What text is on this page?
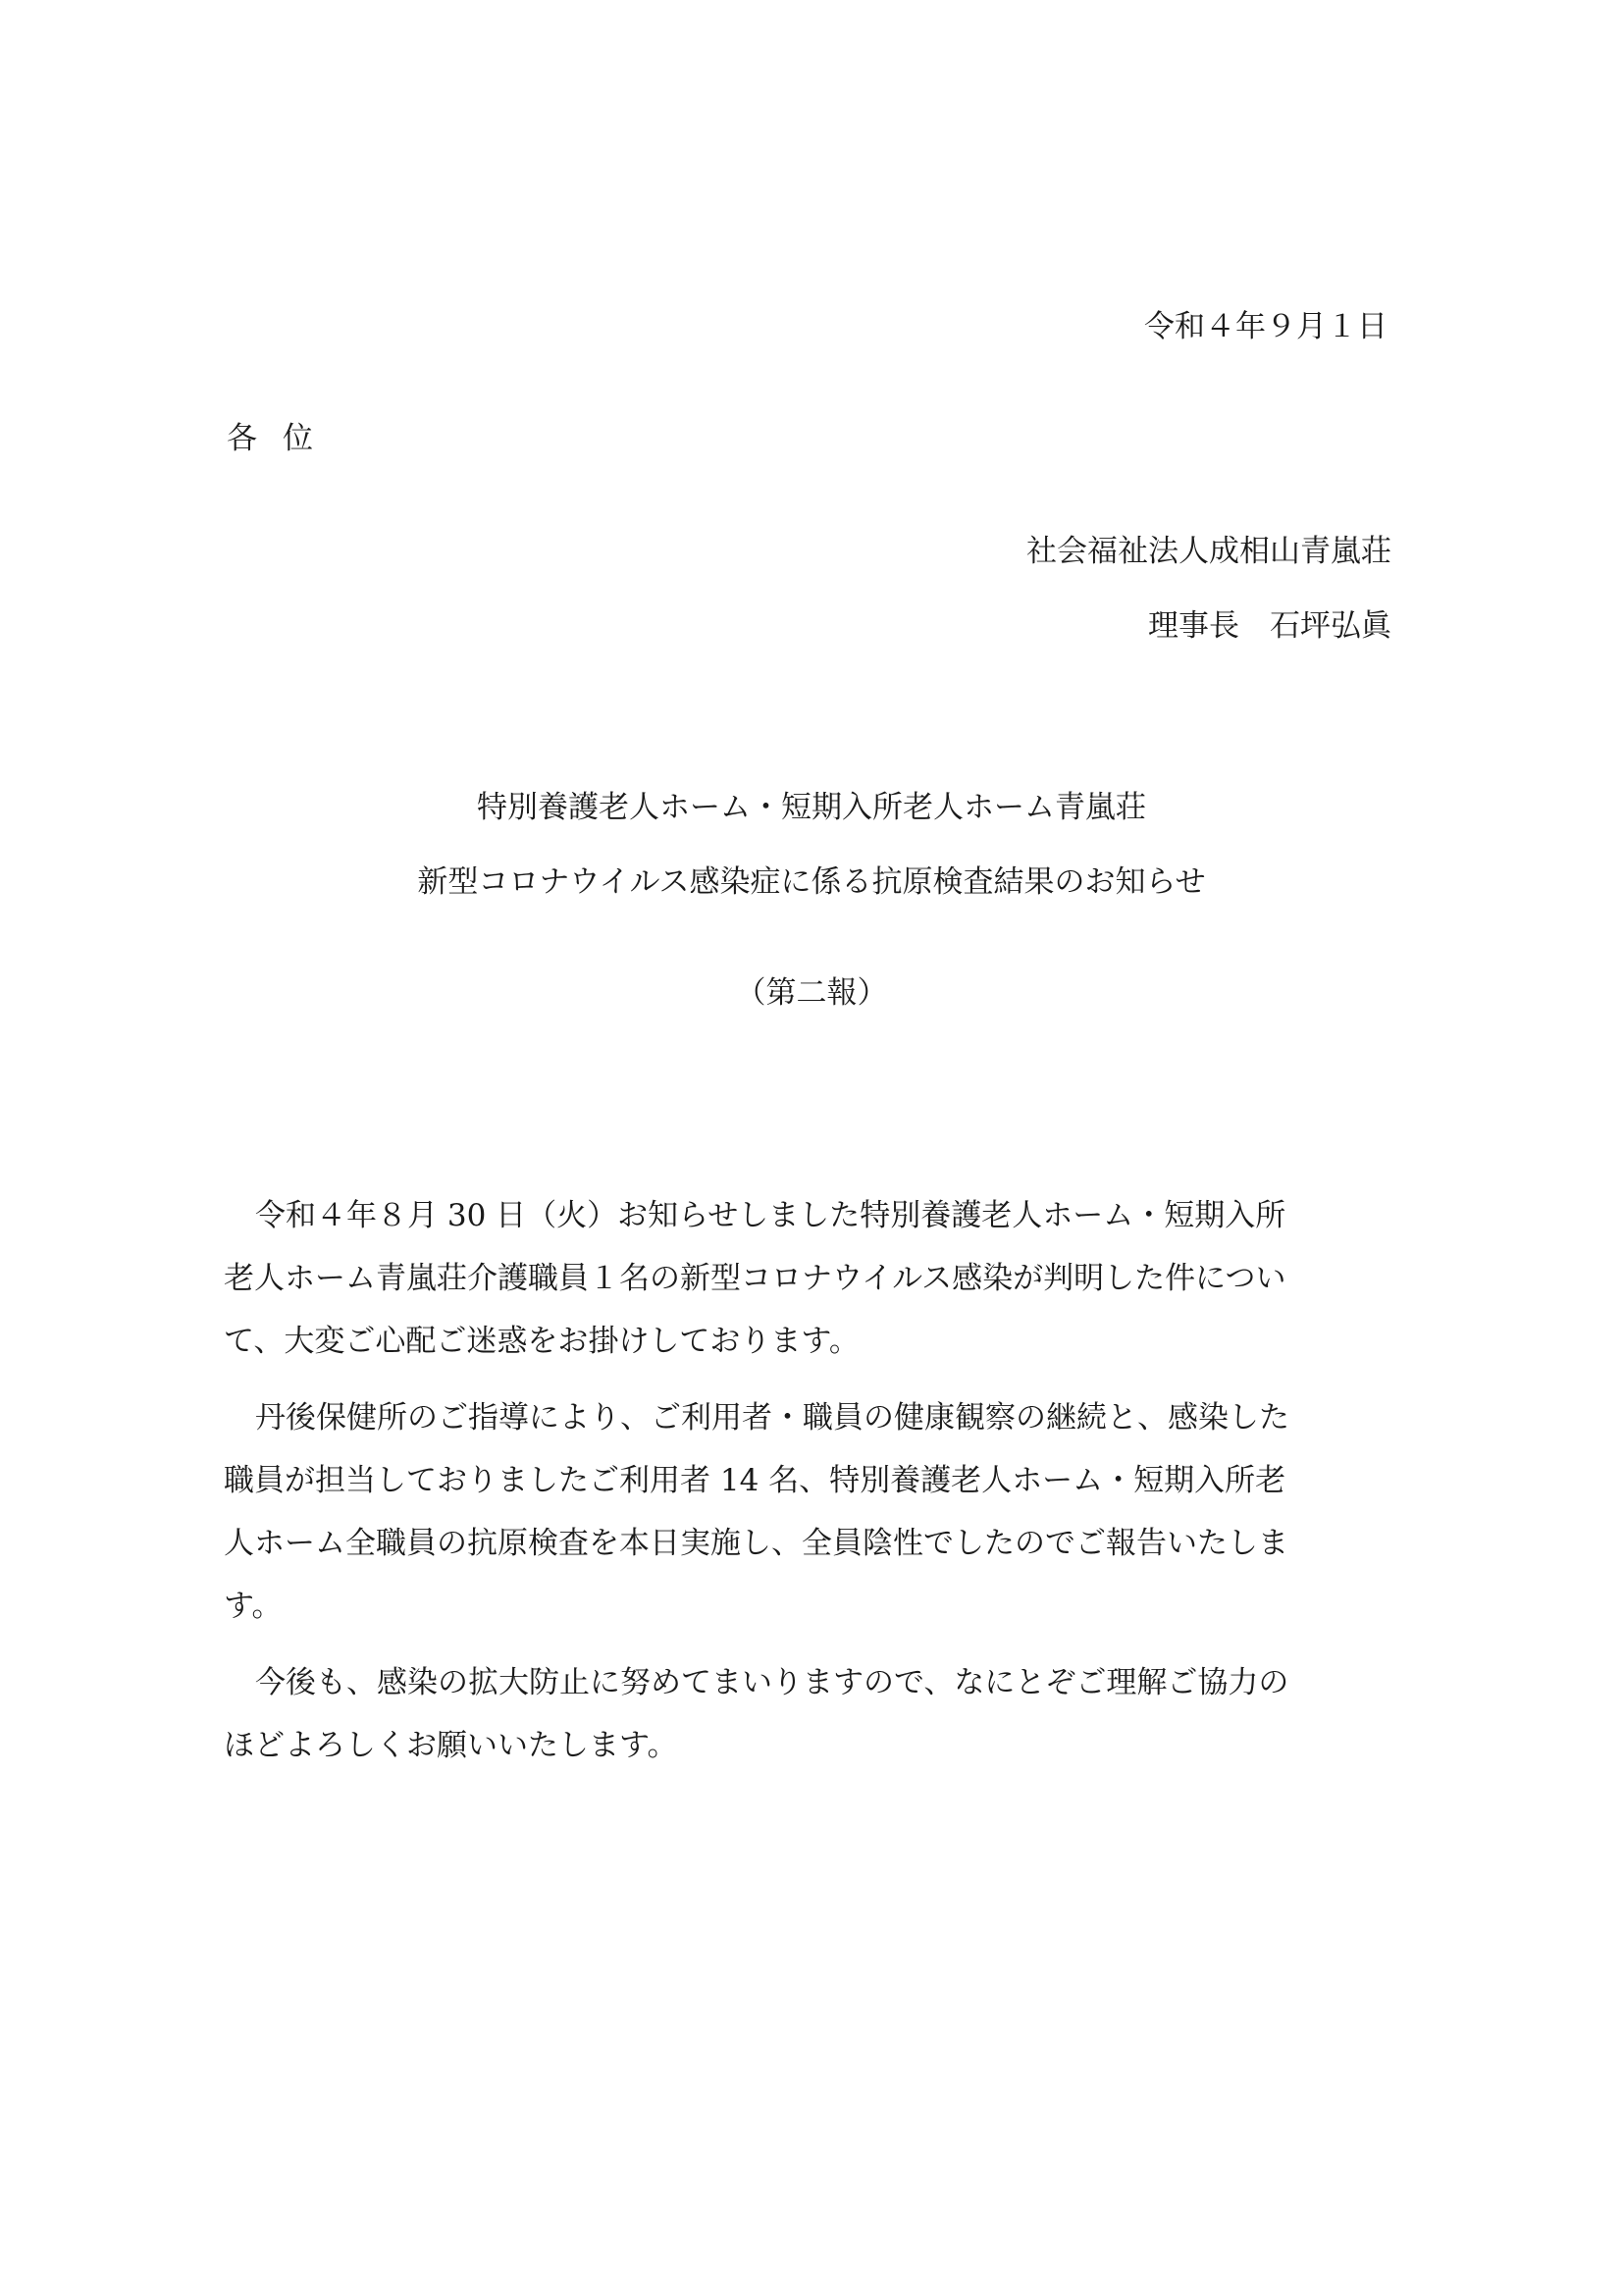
令和４年９月１日
各位
社会福祉法人成相山青嵐荘
理事長　石坪弘眞
特別養護老人ホーム・短期入所老人ホーム青嵐荘
新型コロナウイルス感染症に係る抗原検査結果のお知らせ
（第二報）
令和４年８月 30 日（火）お知らせしました特別養護老人ホーム・短期入所
老人ホーム青嵐荘介護職員１名の新型コロナウイルス感染が判明した件につい
て、大変ご心配ご迷惑をお掛けしております。
丹後保健所のご指導により、ご利用者・職員の健康観察の継続と、感染した
職員が担当しておりましたご利用者 14 名、特別養護老人ホーム・短期入所老
人ホーム全職員の抗原検査を本日実施し、全員陰性でしたのでご報告いたしま
す。
今後も、感染の拡大防止に努めてまいりますので、なにとぞご理解ご協力の
ほどよろしくお願いいたします。
